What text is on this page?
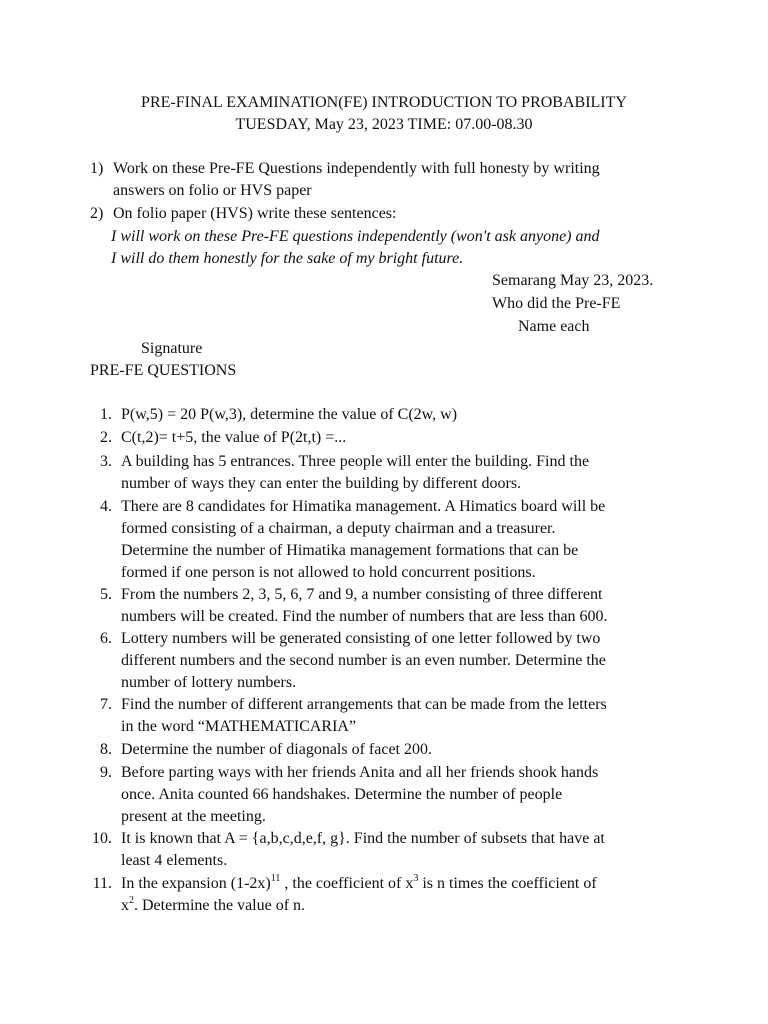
PRE-FINAL EXAMINATION(FE) INTRODUCTION TO PROBABILITY
TUESDAY, May 23, 2023 TIME: 07.00-08.30
1) Work on these Pre-FE Questions independently with full honesty by writing
answers on folio or HVS paper
2) On folio paper (HVS) write these sentences:
I will work on these Pre-FE questions independently (won't ask anyone) and
I will do them honestly for the sake of my bright future.
Semarang May 23, 2023.
Who did the Pre-FE
Name each
Signature
PRE-FE QUESTIONS
1. P(w,5) = 20 P(w,3), determine the value of C(2w, w)
2. C(t,2)= t+5, the value of P(2t,t) =...
3. A building has 5 entrances. Three people will enter the building. Find the
number of ways they can enter the building by different doors.
4. There are 8 candidates for Himatika management. A Himatics board will be
formed consisting of a chairman, a deputy chairman and a treasurer.
Determine the number of Himatika management formations that can be
formed if one person is not allowed to hold concurrent positions.
5. From the numbers 2, 3, 5, 6, 7 and 9, a number consisting of three different
numbers will be created. Find the number of numbers that are less than 600.
6. Lottery numbers will be generated consisting of one letter followed by two
different numbers and the second number is an even number. Determine the
number of lottery numbers.
7. Find the number of different arrangements that can be made from the letters
in the word “MATHEMATICARIA”
8. Determine the number of diagonals of facet 200.
9. Before parting ways with her friends Anita and all her friends shook hands
once. Anita counted 66 handshakes. Determine the number of people
present at the meeting.
10. It is known that A = {a,b,c,d,e,f, g}. Find the number of subsets that have at
least 4 elements.
11. In the expansion $(1-2x)^{11}$ , the coefficient of $x^3$ is n times the coefficient of
$x^2$. Determine the value of n.
